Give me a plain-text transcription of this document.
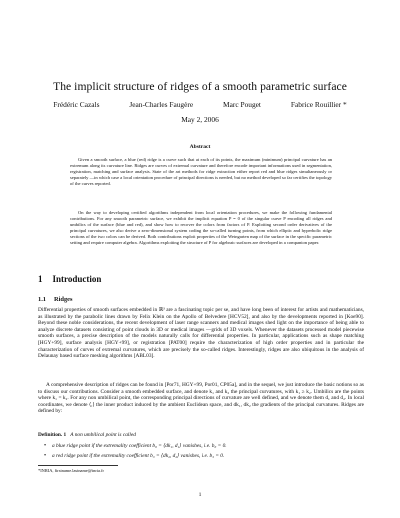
The implicit structure of ridges of a smooth parametric surface
Frédéric Cazals	Jean-Charles Faugère	Marc Pouget	Fabrice Rouillier *
May 2, 2006
Abstract

Given a smooth surface, a blue (red) ridge is a curve such that at each of its points, the maximum (minimum) principal curvature has an extremum along its curvature line. Ridges are curves of extremal curvature and therefore encode important informations used in segmentation, registration, matching and surface analysis. State of the art methods for ridge extraction either report red and blue ridges simultaneously or separately —in which case a local orientation procedure of principal directions is needed, but no method developed so far certifies the topology of the curves reported.

On the way to developing certified algorithms independent from local orientation procedures, we make the following fundamental contributions. For any smooth parametric surface, we exhibit the implicit equation P = 0 of the singular curve P encoding all ridges and umbilics of the surface (blue and red), and show how to recover the colors from factors of P. Exploiting second order derivatives of the principal curvatures, we also derive a zero-dimensional system coding the so-called turning points, from which elliptic and hyperbolic ridge sections of the two colors can be derived. Both contributions exploit properties of the Weingarten map of the surface in the specific parametric setting and require computer algebra. Algorithms exploiting the structure of P for algebraic surfaces are developed in a companion paper.

1 Introduction
1.1 Ridges

Differential properties of smooth surfaces embedded in ℝ³ are a fascinating topic per se, and have long been of interest for artists and mathematicians, as illustrated by the parabolic lines drawn by Felix Klein on the Apollo of Belvedere [HCV52], and also by the developments reported in [Koe90]. Beyond these noble considerations, the recent development of laser range scanners and medical images shed light on the importance of being able to analyze discrete datasets consisting of point clouds in 3D or medical images —grids of 3D voxels. Whenever the datasets processed model piecewise smooth surfaces, a precise description of the models naturally calls for differential properties. In particular, applications such as shape matching [HGY+99], surface analysis [HGY+99], or registration [PAT00] require the characterization of high order properties and in particular the characterization of curves of extremal curvatures, which are precisely the so-called ridges. Interestingly, ridges are also ubiquitous in the analysis of Delaunay based surface meshing algorithms [ABL03].

A comprehensive description of ridges can be found in [Por71, HGY+99, Por01, CP05a], and in the sequel, we just introduce the basic notions so as to discuss our contributions. Consider a smooth embedded surface, and denote k₁ and k₂ the principal curvatures, with k₁ ≥ k₂. Umbilics are the points where k₁ = k₂. For any non umbilical point, the corresponding principal directions of curvature are well defined, and we denote them d₁ and d₂. In local coordinates, we denote ⟨,⟩ the inner product induced by the ambient Euclidean space, and dk₁, dk₂ the gradients of the principal curvatures. Ridges are defined by:

Definition. 1 A non umbilical point is called
•	a blue ridge point if the extremality coefficient b₀ = ⟨dk₁, d₁⟩ vanishes, i.e. b₀ = 0.
•	a red ridge point if the extremality coefficient b₃ = ⟨dk₂, d₂⟩ vanishes, i.e. b₃ = 0.
*INRIA, firstname.lastname@inria.fr
1
